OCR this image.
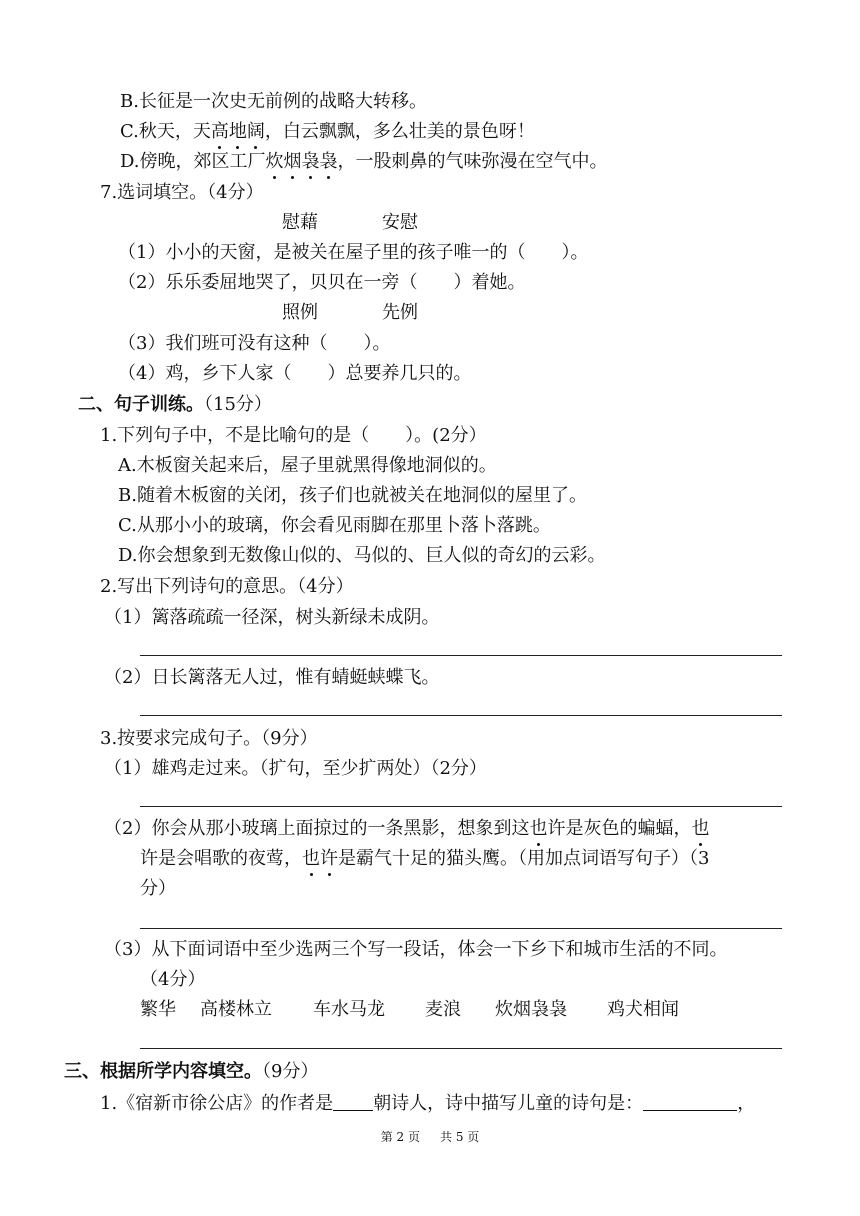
B.长征是一次史无前例的战略大转移。
C.秋天，天高地阔，白云飘飘，多么壮美的景色呀！
D.傍晚，郊区工厂炊烟袅袅，一股刺鼻的气味弥漫在空气中。
7.选词填空。（4分）
慰藉	安慰
（1）小小的天窗，是被关在屋子里的孩子唯一的（　　）。
（2）乐乐委屈地哭了，贝贝在一旁（　　）着她。
照例	先例
（3）我们班可没有这种（　　）。
（4）鸡，乡下人家（　　）总要养几只的。
二、句子训练。（15分）
1.下列句子中，不是比喻句的是（　　）。(2分）
A.木板窗关起来后，屋子里就黑得像地洞似的。
B.随着木板窗的关闭，孩子们也就被关在地洞似的屋里了。
C.从那小小的玻璃，你会看见雨脚在那里卜落卜落跳。
D.你会想象到无数像山似的、马似的、巨人似的奇幻的云彩。
2.写出下列诗句的意思。（4分）
（1）篱落疏疏一径深，树头新绿未成阴。
（2）日长篱落无人过，惟有蜻蜓蛱蝶飞。
3.按要求完成句子。（9分）
（1）雄鸡走过来。（扩句，至少扩两处）（2分）
（2）你会从那小玻璃上面掠过的一条黑影，想象到这也许是灰色的蝙蝠，也
许是会唱歌的夜莺，也许是霸气十足的猫头鹰。（用加点词语写句子）（3
分）
（3）从下面词语中至少选两三个写一段话，体会一下乡下和城市生活的不同。
（4分）
繁华 高楼林立 车水马龙 麦浪 炊烟袅袅 鸡犬相闻
三、根据所学内容填空。（9分）
1.《宿新市徐公店》的作者是 朝诗人，诗中描写儿童的诗句是：	，
第 2 页 共 5 页
